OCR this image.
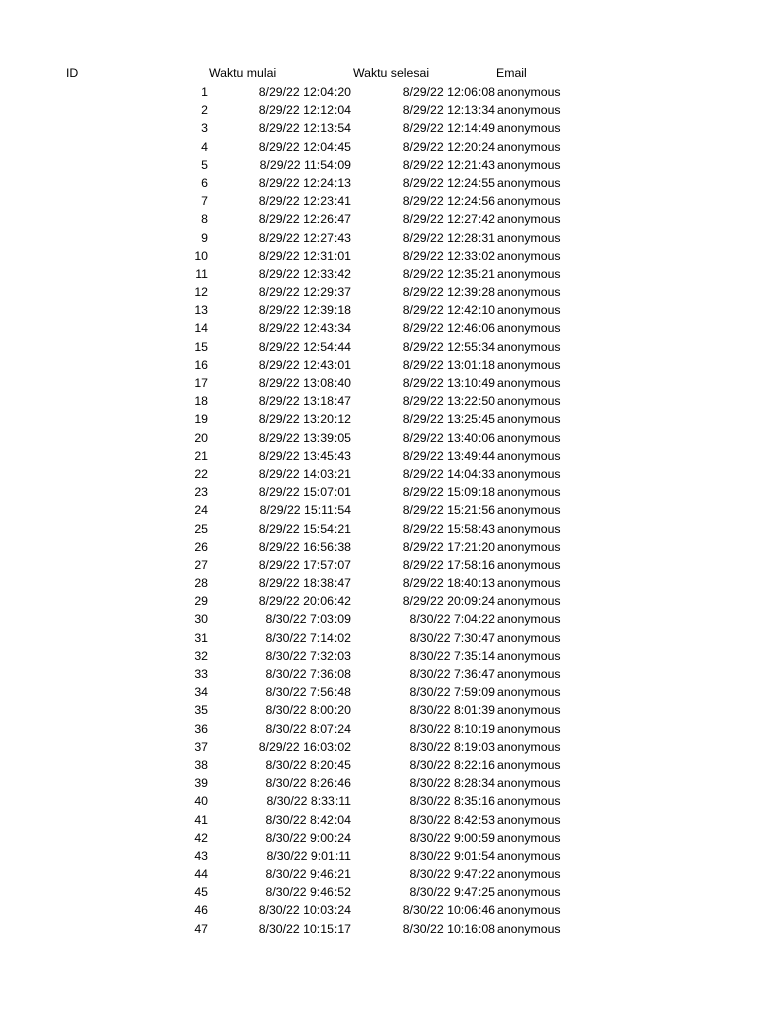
ID	Waktu mulai	Waktu selesai	Email
1	8/29/22 12:04:20	8/29/22 12:06:08 anonymous
2	8/29/22 12:12:04	8/29/22 12:13:34 anonymous
3	8/29/22 12:13:54	8/29/22 12:14:49 anonymous
4	8/29/22 12:04:45	8/29/22 12:20:24 anonymous
5	8/29/22 11:54:09	8/29/22 12:21:43 anonymous
6	8/29/22 12:24:13	8/29/22 12:24:55 anonymous
7	8/29/22 12:23:41	8/29/22 12:24:56 anonymous
8	8/29/22 12:26:47	8/29/22 12:27:42 anonymous
9	8/29/22 12:27:43	8/29/22 12:28:31 anonymous
10	8/29/22 12:31:01	8/29/22 12:33:02 anonymous
11	8/29/22 12:33:42	8/29/22 12:35:21 anonymous
12	8/29/22 12:29:37	8/29/22 12:39:28 anonymous
13	8/29/22 12:39:18	8/29/22 12:42:10 anonymous
14	8/29/22 12:43:34	8/29/22 12:46:06 anonymous
15	8/29/22 12:54:44	8/29/22 12:55:34 anonymous
16	8/29/22 12:43:01	8/29/22 13:01:18 anonymous
17	8/29/22 13:08:40	8/29/22 13:10:49 anonymous
18	8/29/22 13:18:47	8/29/22 13:22:50 anonymous
19	8/29/22 13:20:12	8/29/22 13:25:45 anonymous
20	8/29/22 13:39:05	8/29/22 13:40:06 anonymous
21	8/29/22 13:45:43	8/29/22 13:49:44 anonymous
22	8/29/22 14:03:21	8/29/22 14:04:33 anonymous
23	8/29/22 15:07:01	8/29/22 15:09:18 anonymous
24	8/29/22 15:11:54	8/29/22 15:21:56 anonymous
25	8/29/22 15:54:21	8/29/22 15:58:43 anonymous
26	8/29/22 16:56:38	8/29/22 17:21:20 anonymous
27	8/29/22 17:57:07	8/29/22 17:58:16 anonymous
28	8/29/22 18:38:47	8/29/22 18:40:13 anonymous
29	8/29/22 20:06:42	8/29/22 20:09:24 anonymous
30	8/30/22 7:03:09	8/30/22 7:04:22 anonymous
31	8/30/22 7:14:02	8/30/22 7:30:47 anonymous
32	8/30/22 7:32:03	8/30/22 7:35:14 anonymous
33	8/30/22 7:36:08	8/30/22 7:36:47 anonymous
34	8/30/22 7:56:48	8/30/22 7:59:09 anonymous
35	8/30/22 8:00:20	8/30/22 8:01:39 anonymous
36	8/30/22 8:07:24	8/30/22 8:10:19 anonymous
37	8/29/22 16:03:02	8/30/22 8:19:03 anonymous
38	8/30/22 8:20:45	8/30/22 8:22:16 anonymous
39	8/30/22 8:26:46	8/30/22 8:28:34 anonymous
40	8/30/22 8:33:11	8/30/22 8:35:16 anonymous
41	8/30/22 8:42:04	8/30/22 8:42:53 anonymous
42	8/30/22 9:00:24	8/30/22 9:00:59 anonymous
43	8/30/22 9:01:11	8/30/22 9:01:54 anonymous
44	8/30/22 9:46:21	8/30/22 9:47:22 anonymous
45	8/30/22 9:46:52	8/30/22 9:47:25 anonymous
46	8/30/22 10:03:24	8/30/22 10:06:46 anonymous
47	8/30/22 10:15:17	8/30/22 10:16:08 anonymous
